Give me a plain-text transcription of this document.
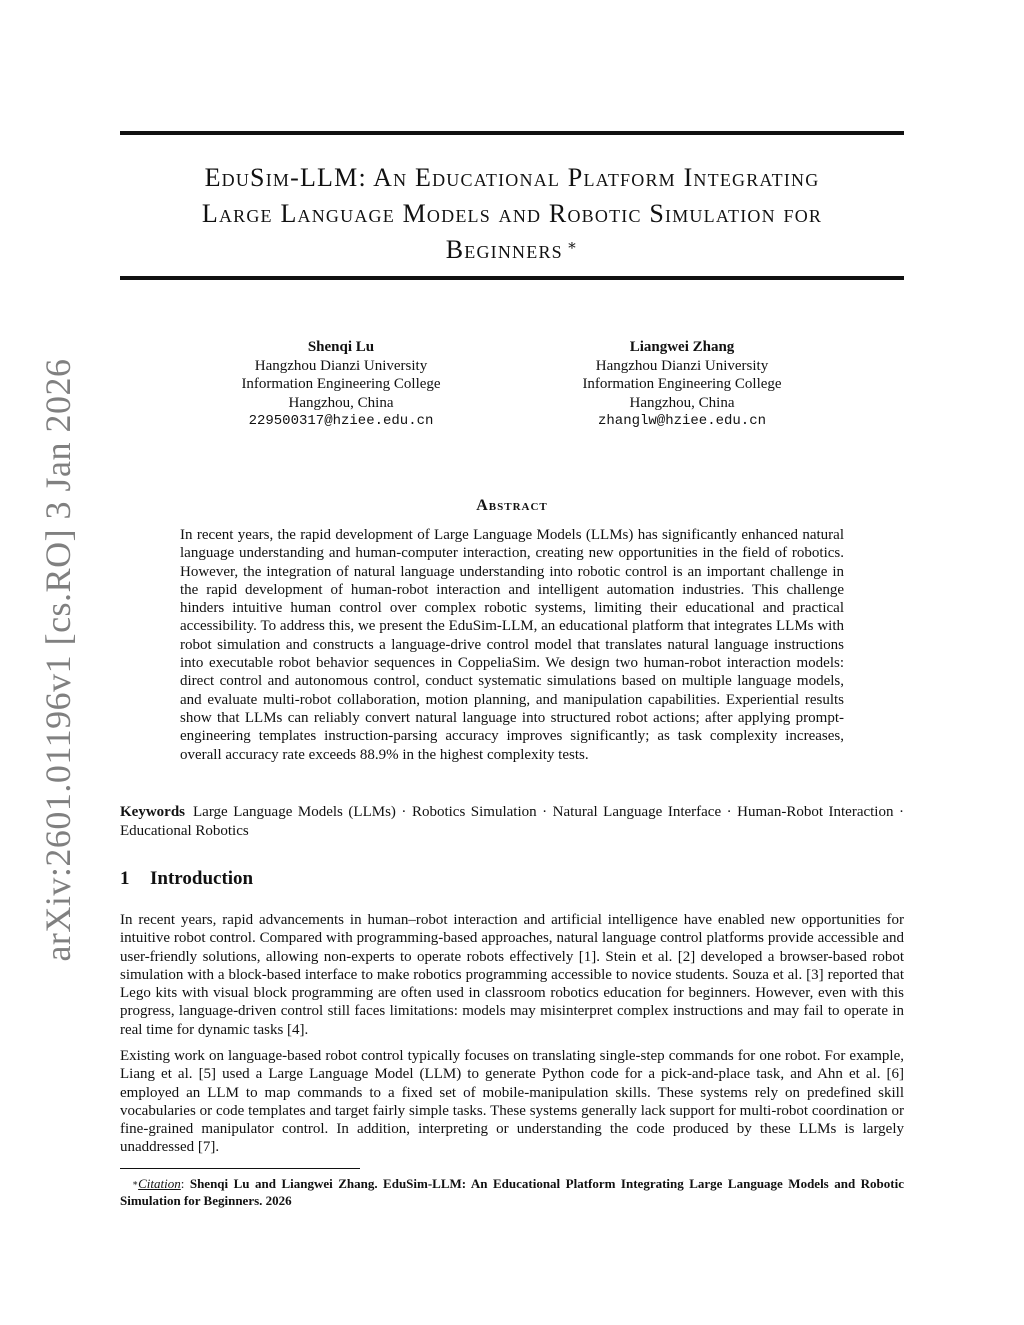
arXiv:2601.01196v1 [cs.RO] 3 Jan 2026
EduSim-LLM: An Educational Platform Integrating
Large Language Models and Robotic Simulation for
Beginners ∗
Shenqi Lu
Hangzhou Dianzi University
Information Engineering College
Hangzhou, China
229500317@hziee.edu.cn
Liangwei Zhang
Hangzhou Dianzi University
Information Engineering College
Hangzhou, China
zhanglw@hziee.edu.cn
Abstract
In recent years, the rapid development of Large Language Models (LLMs) has significantly enhanced natural language understanding and human-computer interaction, creating new opportunities in the field of robotics. However, the integration of natural language understanding into robotic control is an important challenge in the rapid development of human-robot interaction and intelligent automation industries. This challenge hinders intuitive human control over complex robotic systems, limiting their educational and practical accessibility. To address this, we present the EduSim-LLM, an educational platform that integrates LLMs with robot simulation and constructs a language-drive control model that translates natural language instructions into executable robot behavior sequences in CoppeliaSim. We design two human-robot interaction models: direct control and autonomous control, conduct systematic simulations based on multiple language models, and evaluate multi-robot collaboration, motion planning, and manipulation capabilities. Experiential results show that LLMs can reliably convert natural language into structured robot actions; after applying prompt-engineering templates instruction-parsing accuracy improves significantly; as task complexity increases, overall accuracy rate exceeds 88.9% in the highest complexity tests.
Keywords Large Language Models (LLMs) · Robotics Simulation · Natural Language Interface · Human-Robot Interaction · Educational Robotics
1 Introduction
In recent years, rapid advancements in human–robot interaction and artificial intelligence have enabled new opportunities for intuitive robot control. Compared with programming-based approaches, natural language control platforms provide accessible and user-friendly solutions, allowing non-experts to operate robots effectively [1]. Stein et al. [2] developed a browser-based robot simulation with a block-based interface to make robotics programming accessible to novice students. Souza et al. [3] reported that Lego kits with visual block programming are often used in classroom robotics education for beginners. However, even with this progress, language-driven control still faces limitations: models may misinterpret complex instructions and may fail to operate in real time for dynamic tasks [4].
Existing work on language-based robot control typically focuses on translating single-step commands for one robot. For example, Liang et al. [5] used a Large Language Model (LLM) to generate Python code for a pick-and-place task, and Ahn et al. [6] employed an LLM to map commands to a fixed set of mobile-manipulation skills. These systems rely on predefined skill vocabularies or code templates and target fairly simple tasks. These systems generally lack support for multi-robot coordination or fine-grained manipulator control. In addition, interpreting or understanding the code produced by these LLMs is largely unaddressed [7].
∗Citation: Shenqi Lu and Liangwei Zhang. EduSim-LLM: An Educational Platform Integrating Large Language Models and Robotic Simulation for Beginners. 2026
